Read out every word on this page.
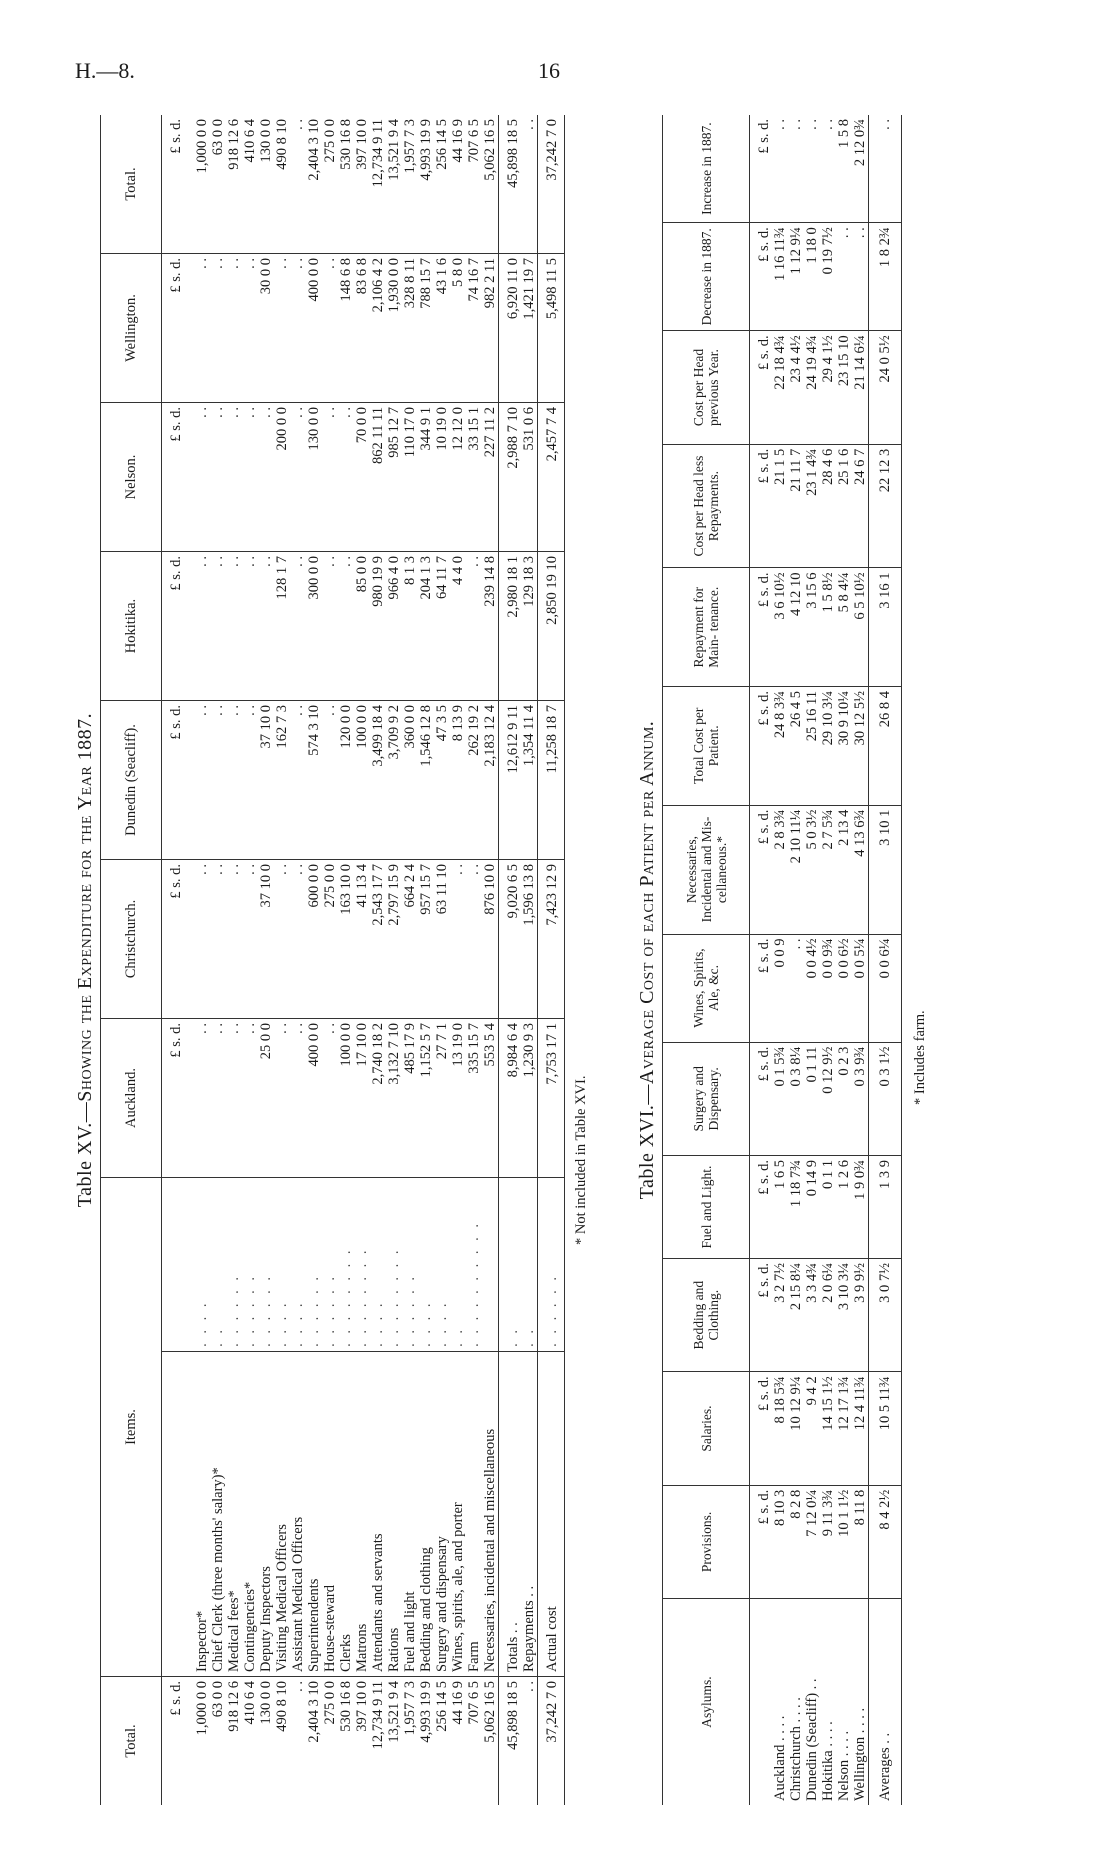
H.—8.	16
Table XV.—Showing the Expenditure for the Year 1887.
Total.	Items.		Auckland.	Christchurch.	Dunedin (Seacliff).	Hokitika.	Nelson.	Wellington.	Total.
£ s. d.			£ s. d.	£ s. d.	£ s. d.	£ s. d.	£ s. d.	£ s. d.	£ s. d.
1,000 0 0	Inspector*	. . . .	. .	. .	. .	. .	. .	. .	1,000 0 0
63 0 0	Chief Clerk (three months' salary)*	. .	. .	. .	. .	. .	. .	. .	63 0 0
918 12 6	Medical fees*	. . . . . .	. .	. .	. .	. .	. .	. .	918 12 6
410 6 4	Contingencies*	. . . . . .	. .	. .	. .	. .	. .	. .	410 6 4
130 0 0	Deputy Inspectors	. . . . . .	25 0 0	37 10 0	37 10 0	. .	. .	30 0 0	130 0 0
490 8 10	Visiting Medical Officers	. . . .	. .	. .	162 7 3	128 1 7	200 0 0	. .	490 8 10
. .	Assistant Medical Officers	. . . .	. .	. .	. .	. .	. .	. .	. .
2,404 3 10	Superintendents	. . . . . .	400 0 0	600 0 0	574 3 10	300 0 0	130 0 0	400 0 0	2,404 3 10
275 0 0	House-steward	. . . . . .	. .	275 0 0	. .	. .	. .	. .	275 0 0
530 16 8	Clerks	. . . . . . . .	100 0 0	163 10 0	120 0 0	. .	. .	148 6 8	530 16 8
397 10 0	Matrons	. . . . . . . .	17 10 0	41 13 4	100 0 0	85 0 0	70 0 0	83 6 8	397 10 0
12,734 9 11	Attendants and servants	. . . .	2,740 18 2	2,543 17 7	3,499 18 4	980 19 9	862 11 11	2,106 4 2	12,734 9 11
13,521 9 4	Rations	. . . . . . . .	3,132 7 10	2,797 15 9	3,709 9 2	966 4 0	985 12 7	1,930 0 0	13,521 9 4
1,957 7 3	Fuel and light	. . . . . .	485 17 9	664 2 4	360 0 0	8 1 3	110 17 0	328 8 11	1,957 7 3
4,993 19 9	Bedding and clothing	. . . .	1,152 5 7	957 15 7	1,546 12 8	204 1 3	344 9 1	788 15 7	4,993 19 9
256 14 5	Surgery and dispensary	. . . .	27 7 1	63 11 10	47 3 5	64 11 7	10 19 0	43 1 6	256 14 5
44 16 9	Wines, spirits, ale, and porter	. .	13 19 0	. .	8 13 9	4 4 0	12 12 0	5 8 0	44 16 9
707 6 5	Farm	. . . . . . . . . .	335 15 7	. .	262 19 2	. .	33 15 1	74 16 7	707 6 5
5,062 16 5	Necessaries, incidental and miscellaneous		553 5 4	876 10 0	2,183 12 4	239 14 8	227 11 2	982 2 11	5,062 16 5
45,898 18 5	Totals . .	. .	8,984 6 4	9,020 6 5	12,612 9 11	2,980 18 1	2,988 7 10	6,920 11 0	45,898 18 5
. .	Repayments . .	. .	1,230 9 3	1,596 13 8	1,354 11 4	129 18 3	531 0 6	1,421 19 7	. .
37,242 7 0	Actual cost	. . . . . .	7,753 17 1	7,423 12 9	11,258 18 7	2,850 19 10	2,457 7 4	5,498 11 5	37,242 7 0
* Not included in Table XVI. Table XVI.—Average Cost of each Patient per Annum.
Asylums.	Provisions.	Salaries.	Bedding and Clothing.	Fuel and Light.	Surgery and Dispensary.	Wines, Spirits, Ale, &c.	Necessaries, Incidental and Mis- cellaneous.*	Total Cost per Patient.	Repayment for Main- tenance.	Cost per Head less Repayments.	Cost per Head previous Year.	Decrease in 1887.	Increase in 1887.
	£ s. d.	£ s. d.	£ s. d.	£ s. d.	£ s. d.	£ s. d.	£ s. d.	£ s. d.	£ s. d.	£ s. d.	£ s. d.	£ s. d.	£ s. d.
Auckland . . . .	8 10 3	8 18 5¾	3 2 7½	1 6 5	0 1 5¾	0 0 9	2 8 3¾	24 8 3¾	3 6 10½	21 1 5	22 18 4¾	1 16 11¾	. .
Christchurch . . . .	8 2 8	10 12 9¼	2 15 8¼	1 18 7¾	0 3 8¼	. .	2 10 11¼	26 4 5	4 12 10	21 11 7	23 4 4½	1 12 9¼	. .
Dunedin (Seacliff) . .	7 12 0¼	9 4 2	3 3 4¾	0 14 9	0 1 11	0 0 4½	5 0 3½	25 16 11	3 15 6	23 1 4¾	24 19 4¾	1 18 0	. .
Hokitika . . . .	9 11 3¾	14 15 1½	2 0 6¼	0 1 1	0 12 9½	0 0 9¾	2 7 5¾	29 10 3¼	1 5 8½	28 4 6	29 4 1½	0 19 7½	. .
Nelson . . . .	10 1 1½	12 17 1¾	3 10 3¼	1 2 6	0 2 3	0 0 6½	2 13 4	30 9 10¼	5 8 4¼	25 1 6	23 15 10	. .	1 5 8
Wellington . . . .	8 11 8	12 4 11¾	3 9 9½	1 9 0¾	0 3 9¾	0 0 5¼	4 13 6¾	30 12 5½	6 5 10½	24 6 7	21 14 6¼	. .	2 12 0¾
Averages . .	8 4 2½	10 5 11¾	3 0 7½	1 3 9	0 3 1½	0 0 6¼	3 10 1	26 8 4	3 16 1	22 12 3	24 0 5½	1 8 2¾	. .
* Includes farm.
